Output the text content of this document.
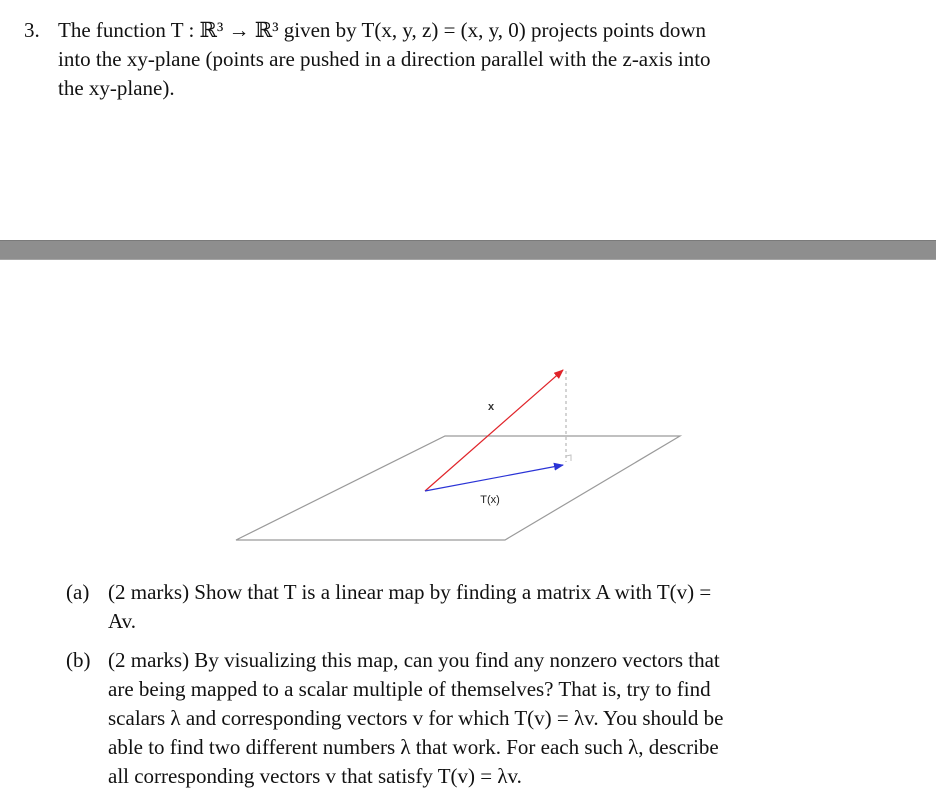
3. The function T : ℝ³ → ℝ³ given by T(x, y, z) = (x, y, 0) projects points down
into the xy-plane (points are pushed in a direction parallel with the z-axis into
the xy-plane).
x
T(x)
(a) (2 marks) Show that T is a linear map by finding a matrix A with T(v) =
Av.
(b) (2 marks) By visualizing this map, can you find any nonzero vectors that
are being mapped to a scalar multiple of themselves? That is, try to find
scalars λ and corresponding vectors v for which T(v) = λv. You should be
able to find two different numbers λ that work. For each such λ, describe
all corresponding vectors v that satisfy T(v) = λv.
